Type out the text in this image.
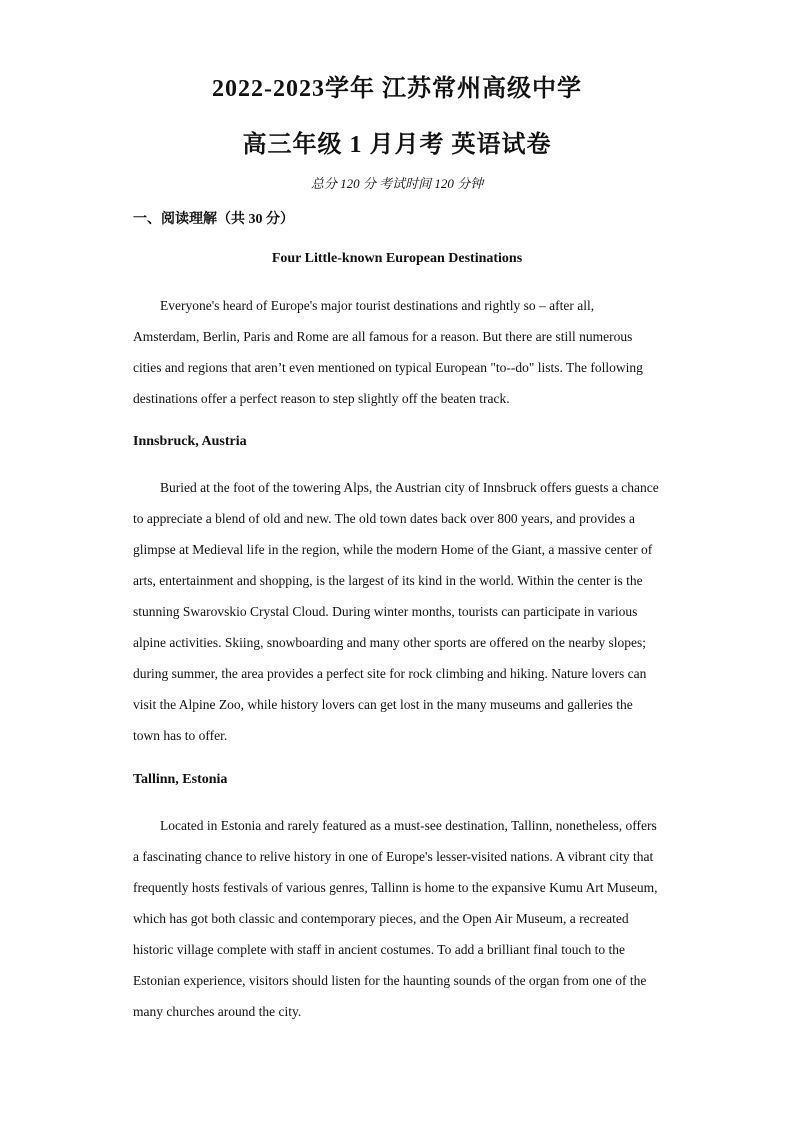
2022-2023学年 江苏常州高级中学
高三年级 1 月月考 英语试卷
总分 120 分 考试时间 120 分钟
一、阅读理解（共 30 分）
Four Little-known European Destinations

Everyone's heard of Europe's major tourist destinations and rightly so – after all, Amsterdam, Berlin, Paris and Rome are all famous for a reason. But there are still numerous cities and regions that aren’t even mentioned on typical European "to--do" lists. The following destinations offer a perfect reason to step slightly off the beaten track.

Innsbruck, Austria

Buried at the foot of the towering Alps, the Austrian city of Innsbruck offers guests a chance to appreciate a blend of old and new. The old town dates back over 800 years, and provides a glimpse at Medieval life in the region, while the modern Home of the Giant, a massive center of arts, entertainment and shopping, is the largest of its kind in the world. Within the center is the stunning Swarovskio Crystal Cloud. During winter months, tourists can participate in various alpine activities. Skiing, snowboarding and many other sports are offered on the nearby slopes; during summer, the area provides a perfect site for rock climbing and hiking. Nature lovers can visit the Alpine Zoo, while history lovers can get lost in the many museums and galleries the town has to offer.

Tallinn, Estonia

Located in Estonia and rarely featured as a must-see destination, Tallinn, nonetheless, offers a fascinating chance to relive history in one of Europe's lesser-visited nations. A vibrant city that frequently hosts festivals of various genres, Tallinn is home to the expansive Kumu Art Museum, which has got both classic and contemporary pieces, and the Open Air Museum, a recreated historic village complete with staff in ancient costumes. To add a brilliant final touch to the Estonian experience, visitors should listen for the haunting sounds of the organ from one of the many churches around the city.
